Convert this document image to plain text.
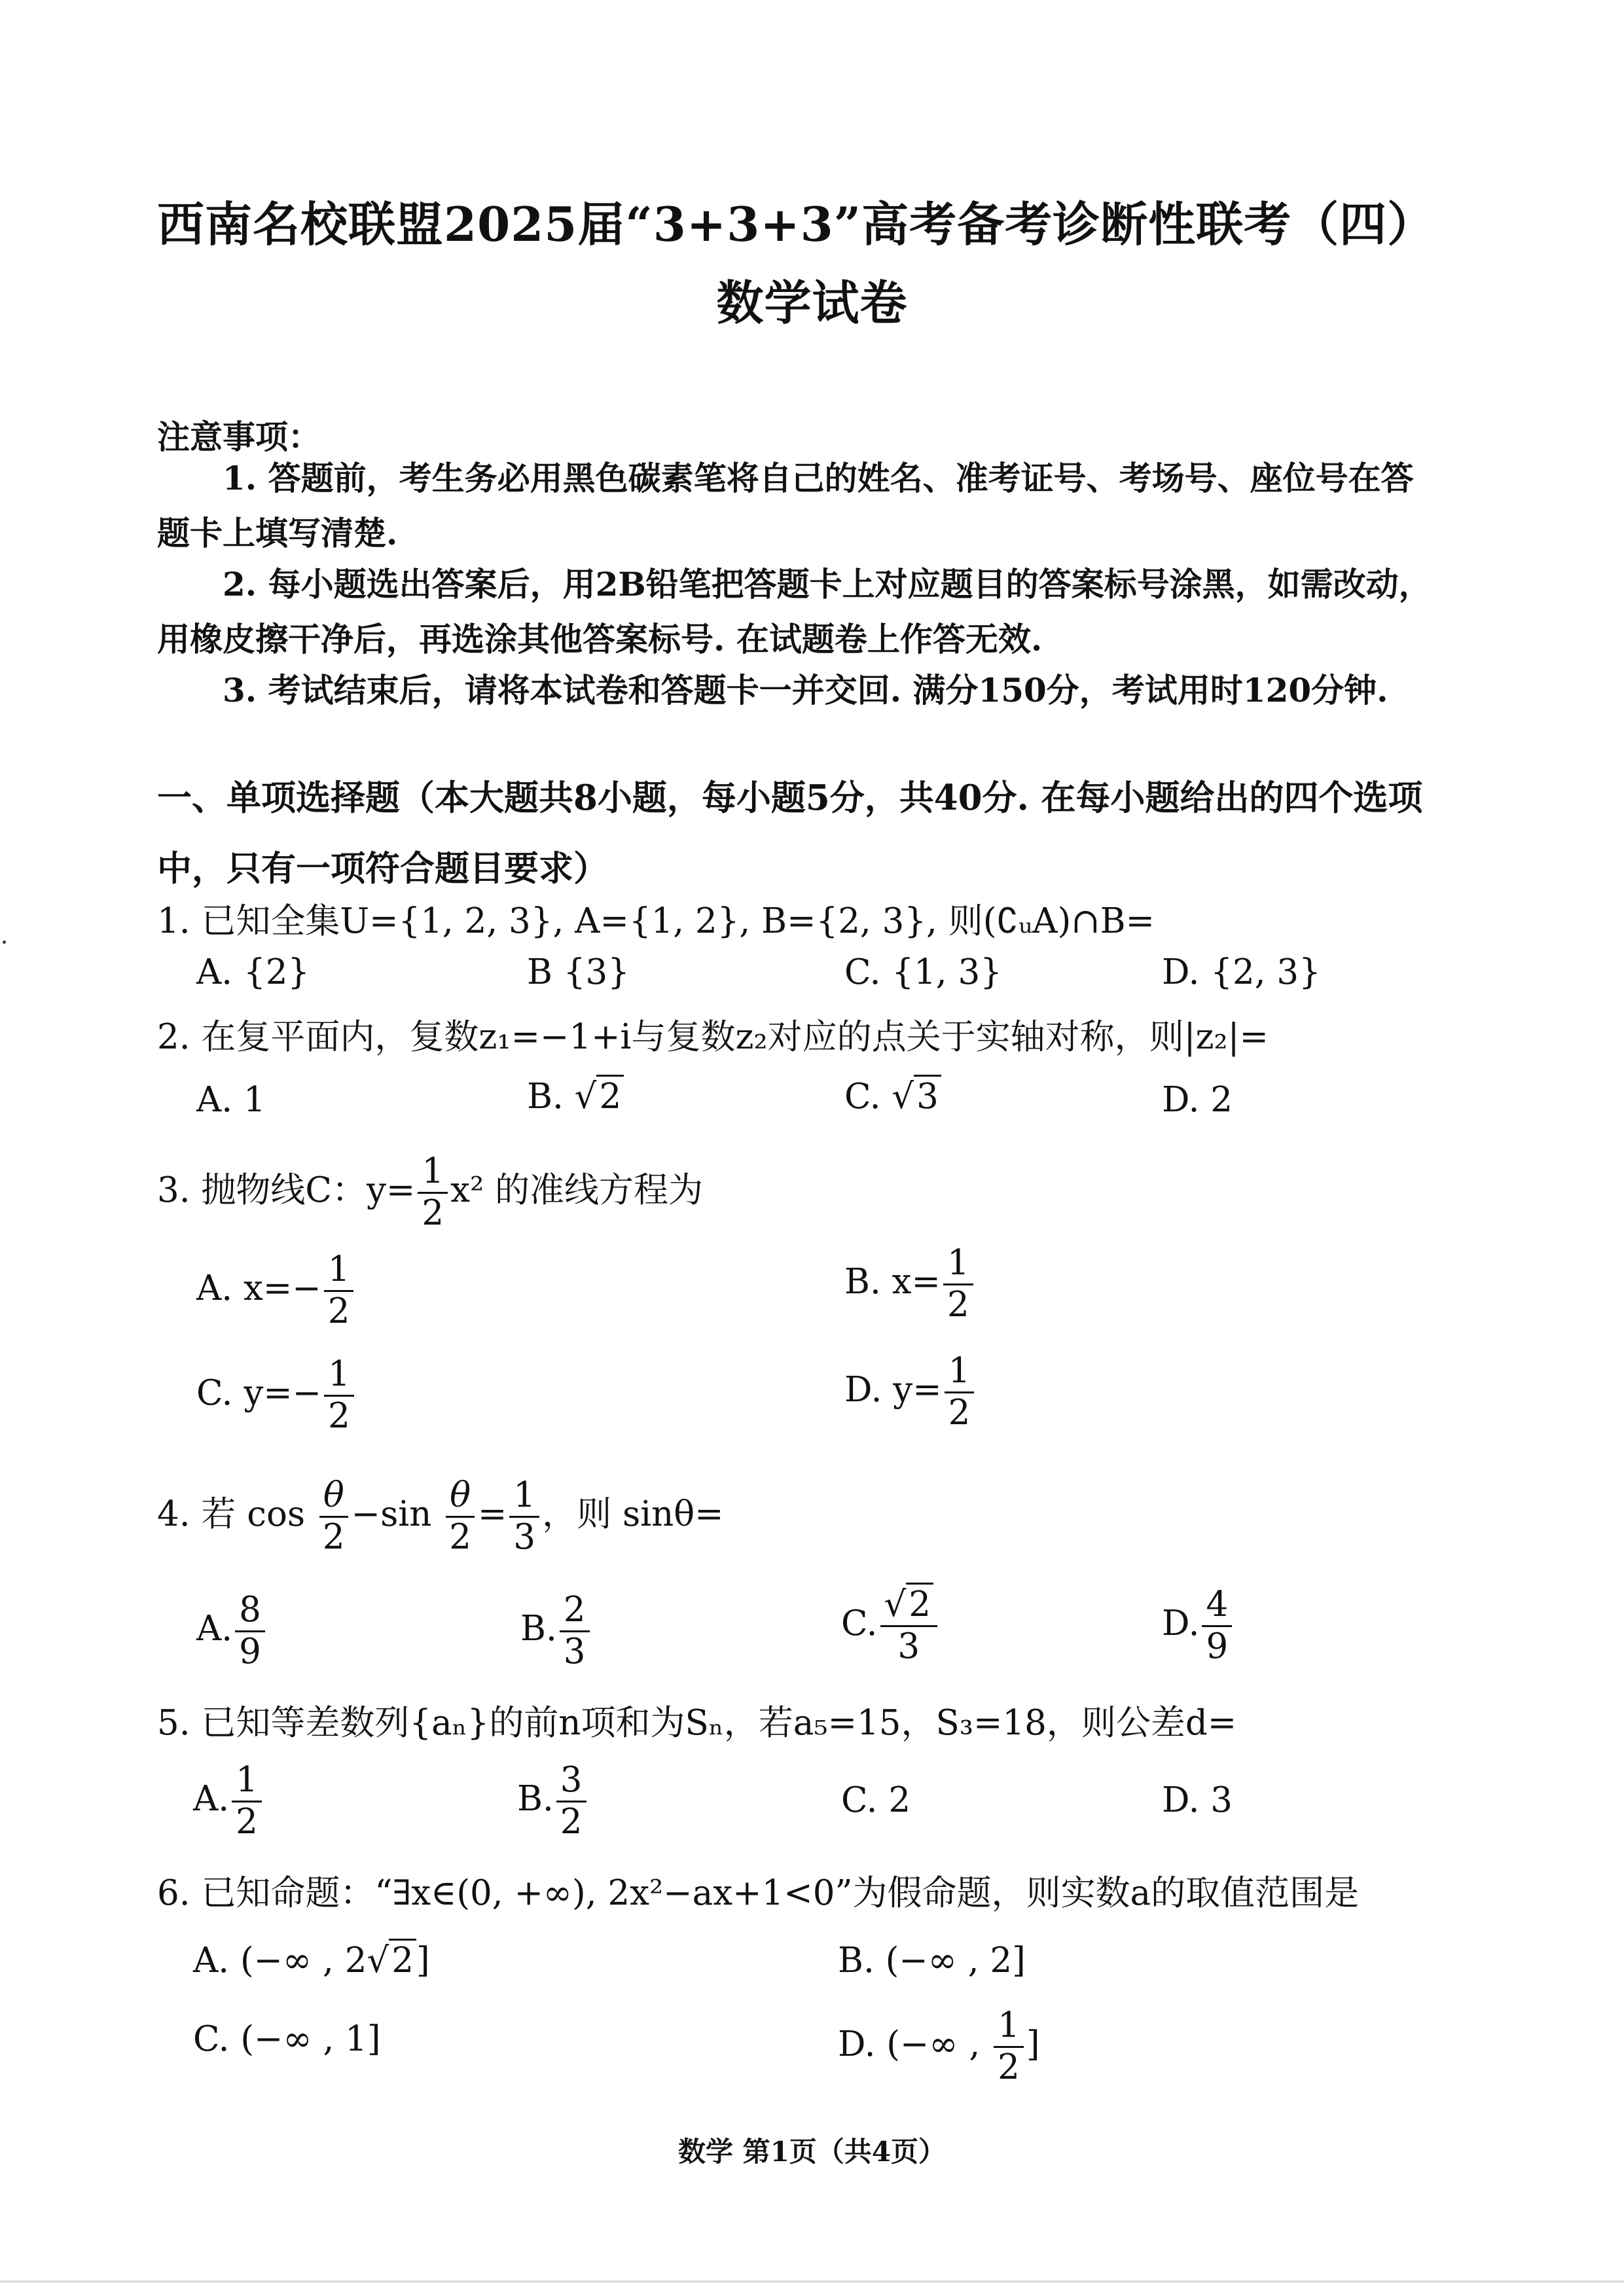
西南名校联盟2025届“3+3+3”高考备考诊断性联考（四）
数学试卷
注意事项：
1. 答题前，考生务必用黑色碳素笔将自己的姓名、准考证号、考场号、座位号在答
题卡上填写清楚.
2. 每小题选出答案后，用2B铅笔把答题卡上对应题目的答案标号涂黑，如需改动，
用橡皮擦干净后，再选涂其他答案标号. 在试题卷上作答无效.
3. 考试结束后，请将本试卷和答题卡一并交回. 满分150分，考试用时120分钟.
一、单项选择题（本大题共8小题，每小题5分，共40分. 在每小题给出的四个选项
中，只有一项符合题目要求）
1. 已知全集U={1, 2, 3}, A={1, 2}, B={2, 3}, 则(∁ᵤA)∩B=
A. {2}	B {3}	C. {1, 3}	D. {2, 3}
2. 在复平面内，复数z₁=−1+i与复数z₂对应的点关于实轴对称，则|z₂|=
A. 1	B. √2	C. √3	D. 2
3. 抛物线C：$y= \frac{1}{2} x^2$ 的准线方程为
A. $x=- \frac{1}{2}$	B. $x= \frac{1}{2}$
C. $y=- \frac{1}{2}$	D. $y= \frac{1}{2}$
4. 若 $\cos \frac{\theta}{2} -\sin \frac{\theta}{2} = \frac{1}{3}$ ，则 sinθ=
A. $\frac{8}{9}$	B. $\frac{2}{3}$	C. $\frac{√2}{3}$	D. $\frac{4}{9}$
5. 已知等差数列{aₙ}的前n项和为Sₙ，若a₅=15，S₃=18，则公差d=
A. $\frac{1}{2}$	B. $\frac{3}{2}$	C. 2	D. 3
6. 已知命题：“∃x∈(0, +∞), 2x²−ax+1<0”为假命题，则实数a的取值范围是
A. (−∞ , 2√2]	B. (−∞ , 2]
C. (−∞ , 1]	D. (−∞ , $\frac{1}{2}$ ]
数学 第1页（共4页）
